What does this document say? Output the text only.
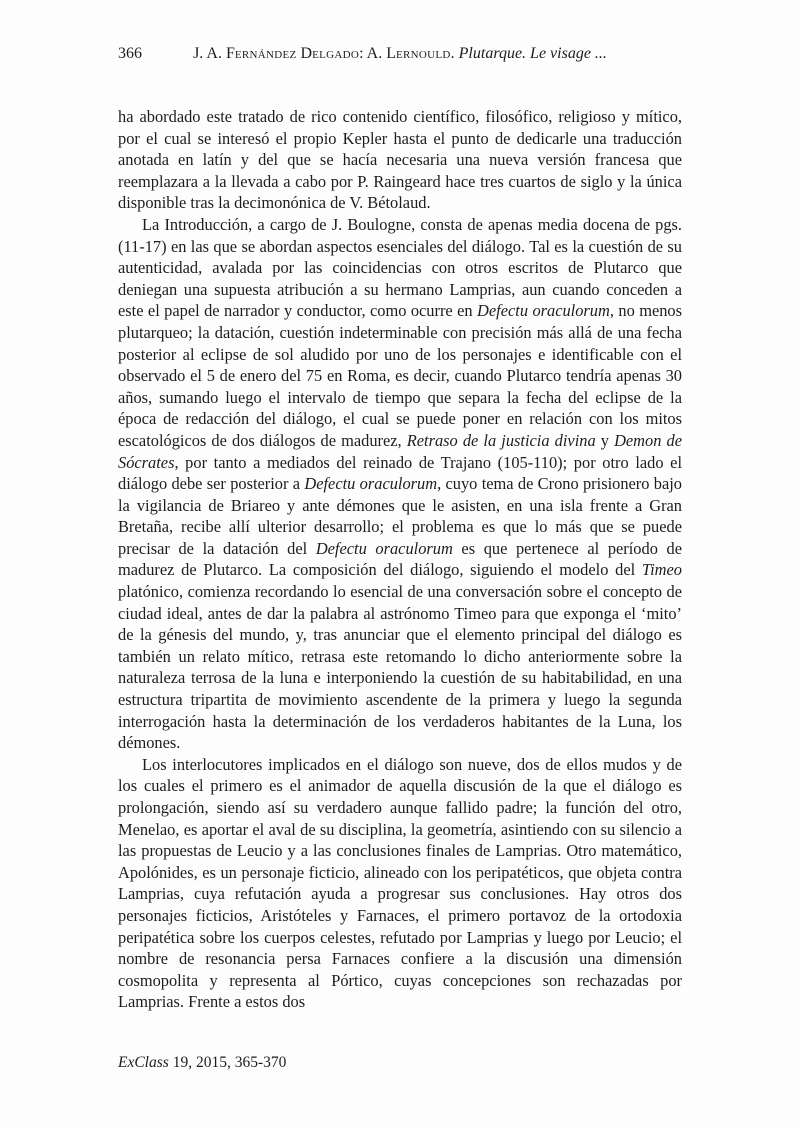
366	J. A. Fernández Delgado: A. Lernould. Plutarque. Le visage ...

ha abordado este tratado de rico contenido científico, filosófico, religioso y mítico, por el cual se interesó el propio Kepler hasta el punto de dedicarle una traducción anotada en latín y del que se hacía necesaria una nueva versión francesa que reemplazara a la llevada a cabo por P. Raingeard hace tres cuartos de siglo y la única disponible tras la decimonónica de V. Bétolaud.

La Introducción, a cargo de J. Boulogne, consta de apenas media docena de pgs. (11-17) en las que se abordan aspectos esenciales del diálogo. Tal es la cuestión de su autenticidad, avalada por las coincidencias con otros escritos de Plutarco que deniegan una supuesta atribución a su hermano Lamprias, aun cuando conceden a este el papel de narrador y conductor, como ocurre en Defectu oraculorum, no menos plutarqueo; la datación, cuestión indeterminable con precisión más allá de una fecha posterior al eclipse de sol aludido por uno de los personajes e identificable con el observado el 5 de enero del 75 en Roma, es decir, cuando Plutarco tendría apenas 30 años, sumando luego el intervalo de tiempo que separa la fecha del eclipse de la época de redacción del diálogo, el cual se puede poner en relación con los mitos escatológicos de dos diálogos de madurez, Retraso de la justicia divina y Demon de Sócrates, por tanto a mediados del reinado de Trajano (105-110); por otro lado el diálogo debe ser posterior a Defectu oraculorum, cuyo tema de Crono prisionero bajo la vigilancia de Briareo y ante démones que le asisten, en una isla frente a Gran Bretaña, recibe allí ulterior desarrollo; el problema es que lo más que se puede precisar de la datación del Defectu oraculorum es que pertenece al período de madurez de Plutarco. La composición del diálogo, siguiendo el modelo del Timeo platónico, comienza recordando lo esencial de una conversación sobre el concepto de ciudad ideal, antes de dar la palabra al astrónomo Timeo para que exponga el ‘mito’ de la génesis del mundo, y, tras anunciar que el elemento principal del diálogo es también un relato mítico, retrasa este retomando lo dicho anteriormente sobre la naturaleza terrosa de la luna e interponiendo la cuestión de su habitabilidad, en una estructura tripartita de movimiento ascendente de la primera y luego la segunda interrogación hasta la determinación de los verdaderos habitantes de la Luna, los démones.

Los interlocutores implicados en el diálogo son nueve, dos de ellos mudos y de los cuales el primero es el animador de aquella discusión de la que el diálogo es prolongación, siendo así su verdadero aunque fallido padre; la función del otro, Menelao, es aportar el aval de su disciplina, la geometría, asintiendo con su silencio a las propuestas de Leucio y a las conclusiones finales de Lamprias. Otro matemático, Apolónides, es un personaje ficticio, alineado con los peripatéticos, que objeta contra Lamprias, cuya refutación ayuda a progresar sus conclusiones. Hay otros dos personajes ficticios, Aristóteles y Farnaces, el primero portavoz de la ortodoxia peripatética sobre los cuerpos celestes, refutado por Lamprias y luego por Leucio; el nombre de resonancia persa Farnaces confiere a la discusión una dimensión cosmopolita y representa al Pórtico, cuyas concepciones son rechazadas por Lamprias. Frente a estos dos

ExClass 19, 2015, 365-370
